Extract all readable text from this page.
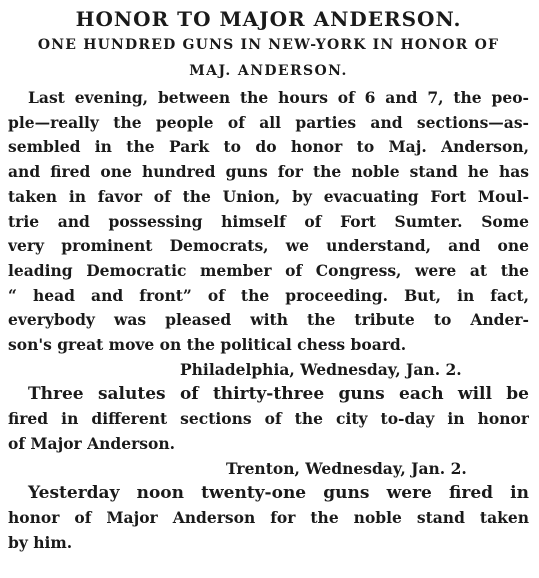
HONOR TO MAJOR ANDERSON.

ONE HUNDRED GUNS IN NEW-YORK IN HONOR OF

MAJ. ANDERSON.

Last evening, between the hours of 6 and 7, the peo-
ple—really the people of all parties and sections—as-
sembled in the Park to do honor to Maj. Anderson,
and fired one hundred guns for the noble stand he has
taken in favor of the Union, by evacuating Fort Moul-
trie and possessing himself of Fort Sumter. Some
very prominent Democrats, we understand, and one
leading Democratic member of Congress, were at the
“ head and front” of the proceeding. But, in fact,
everybody was pleased with the tribute to Ander-
son's great move on the political chess board.

Philadelphia, Wednesday, Jan. 2.

Three salutes of thirty-three guns each will be
fired in different sections of the city to-day in honor
of Major Anderson.

Trenton, Wednesday, Jan. 2.

Yesterday noon twenty-one guns were fired in
honor of Major Anderson for the noble stand taken
by him.
